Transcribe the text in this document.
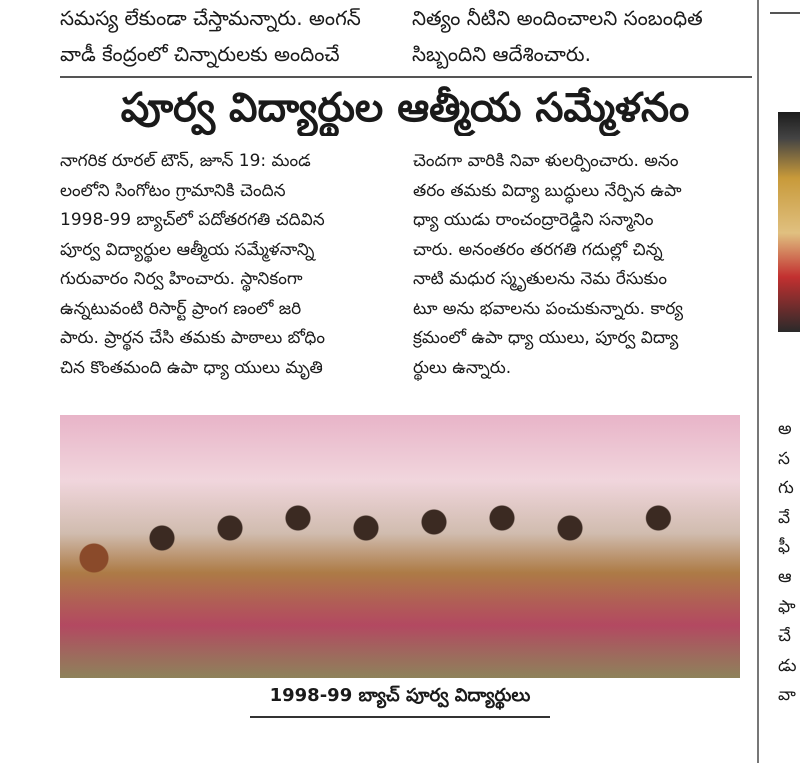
సమస్య లేకుండా చేస్తామన్నారు. అంగన్
వాడీ కేంద్రంలో చిన్నారులకు అందించే
నిత్యం నీటిని అందించాలని సంబంధిత
సిబ్బందిని ఆదేశించారు.
పూర్వ విద్యార్థుల ఆత్మీయ సమ్మేళనం
నాగరిక రూరల్ టౌన్, జూన్ 19: మండ
లంలోని సింగోటం గ్రామానికి చెందిన
1998-99 బ్యాచ్‌లో పదోతరగతి చదివిన
పూర్వ విద్యార్థుల ఆత్మీయ సమ్మేళనాన్ని
గురువారం నిర్వ హించారు. స్థానికంగా
ఉన్నటువంటి రిసార్ట్ ప్రాంగ ణంలో జరి
పారు. ప్రార్థన చేసి తమకు పాఠాలు బోధిం
చిన కొంతమంది ఉపా ధ్యా యులు మృతి
చెందగా వారికి నివా ళులర్పించారు. అనం
తరం తమకు విద్యా బుద్ధులు నేర్పిన ఉపా
ధ్యా యుడు రాంచంద్రారెడ్డిని సన్మానిం
చారు. అనంతరం తరగతి గదుల్లో చిన్న
నాటి మధుర స్మృతులను నెమ రేసుకుం
టూ అను భవాలను పంచుకున్నారు. కార్య
క్రమంలో ఉపా ధ్యా యులు, పూర్వ విద్యా
ర్థులు ఉన్నారు.
1998-99 బ్యాచ్ పూర్వ విద్యార్థులు
అ
స
గు
వే
ఫీ
ఆ
ఫా
చే
డు
వా
